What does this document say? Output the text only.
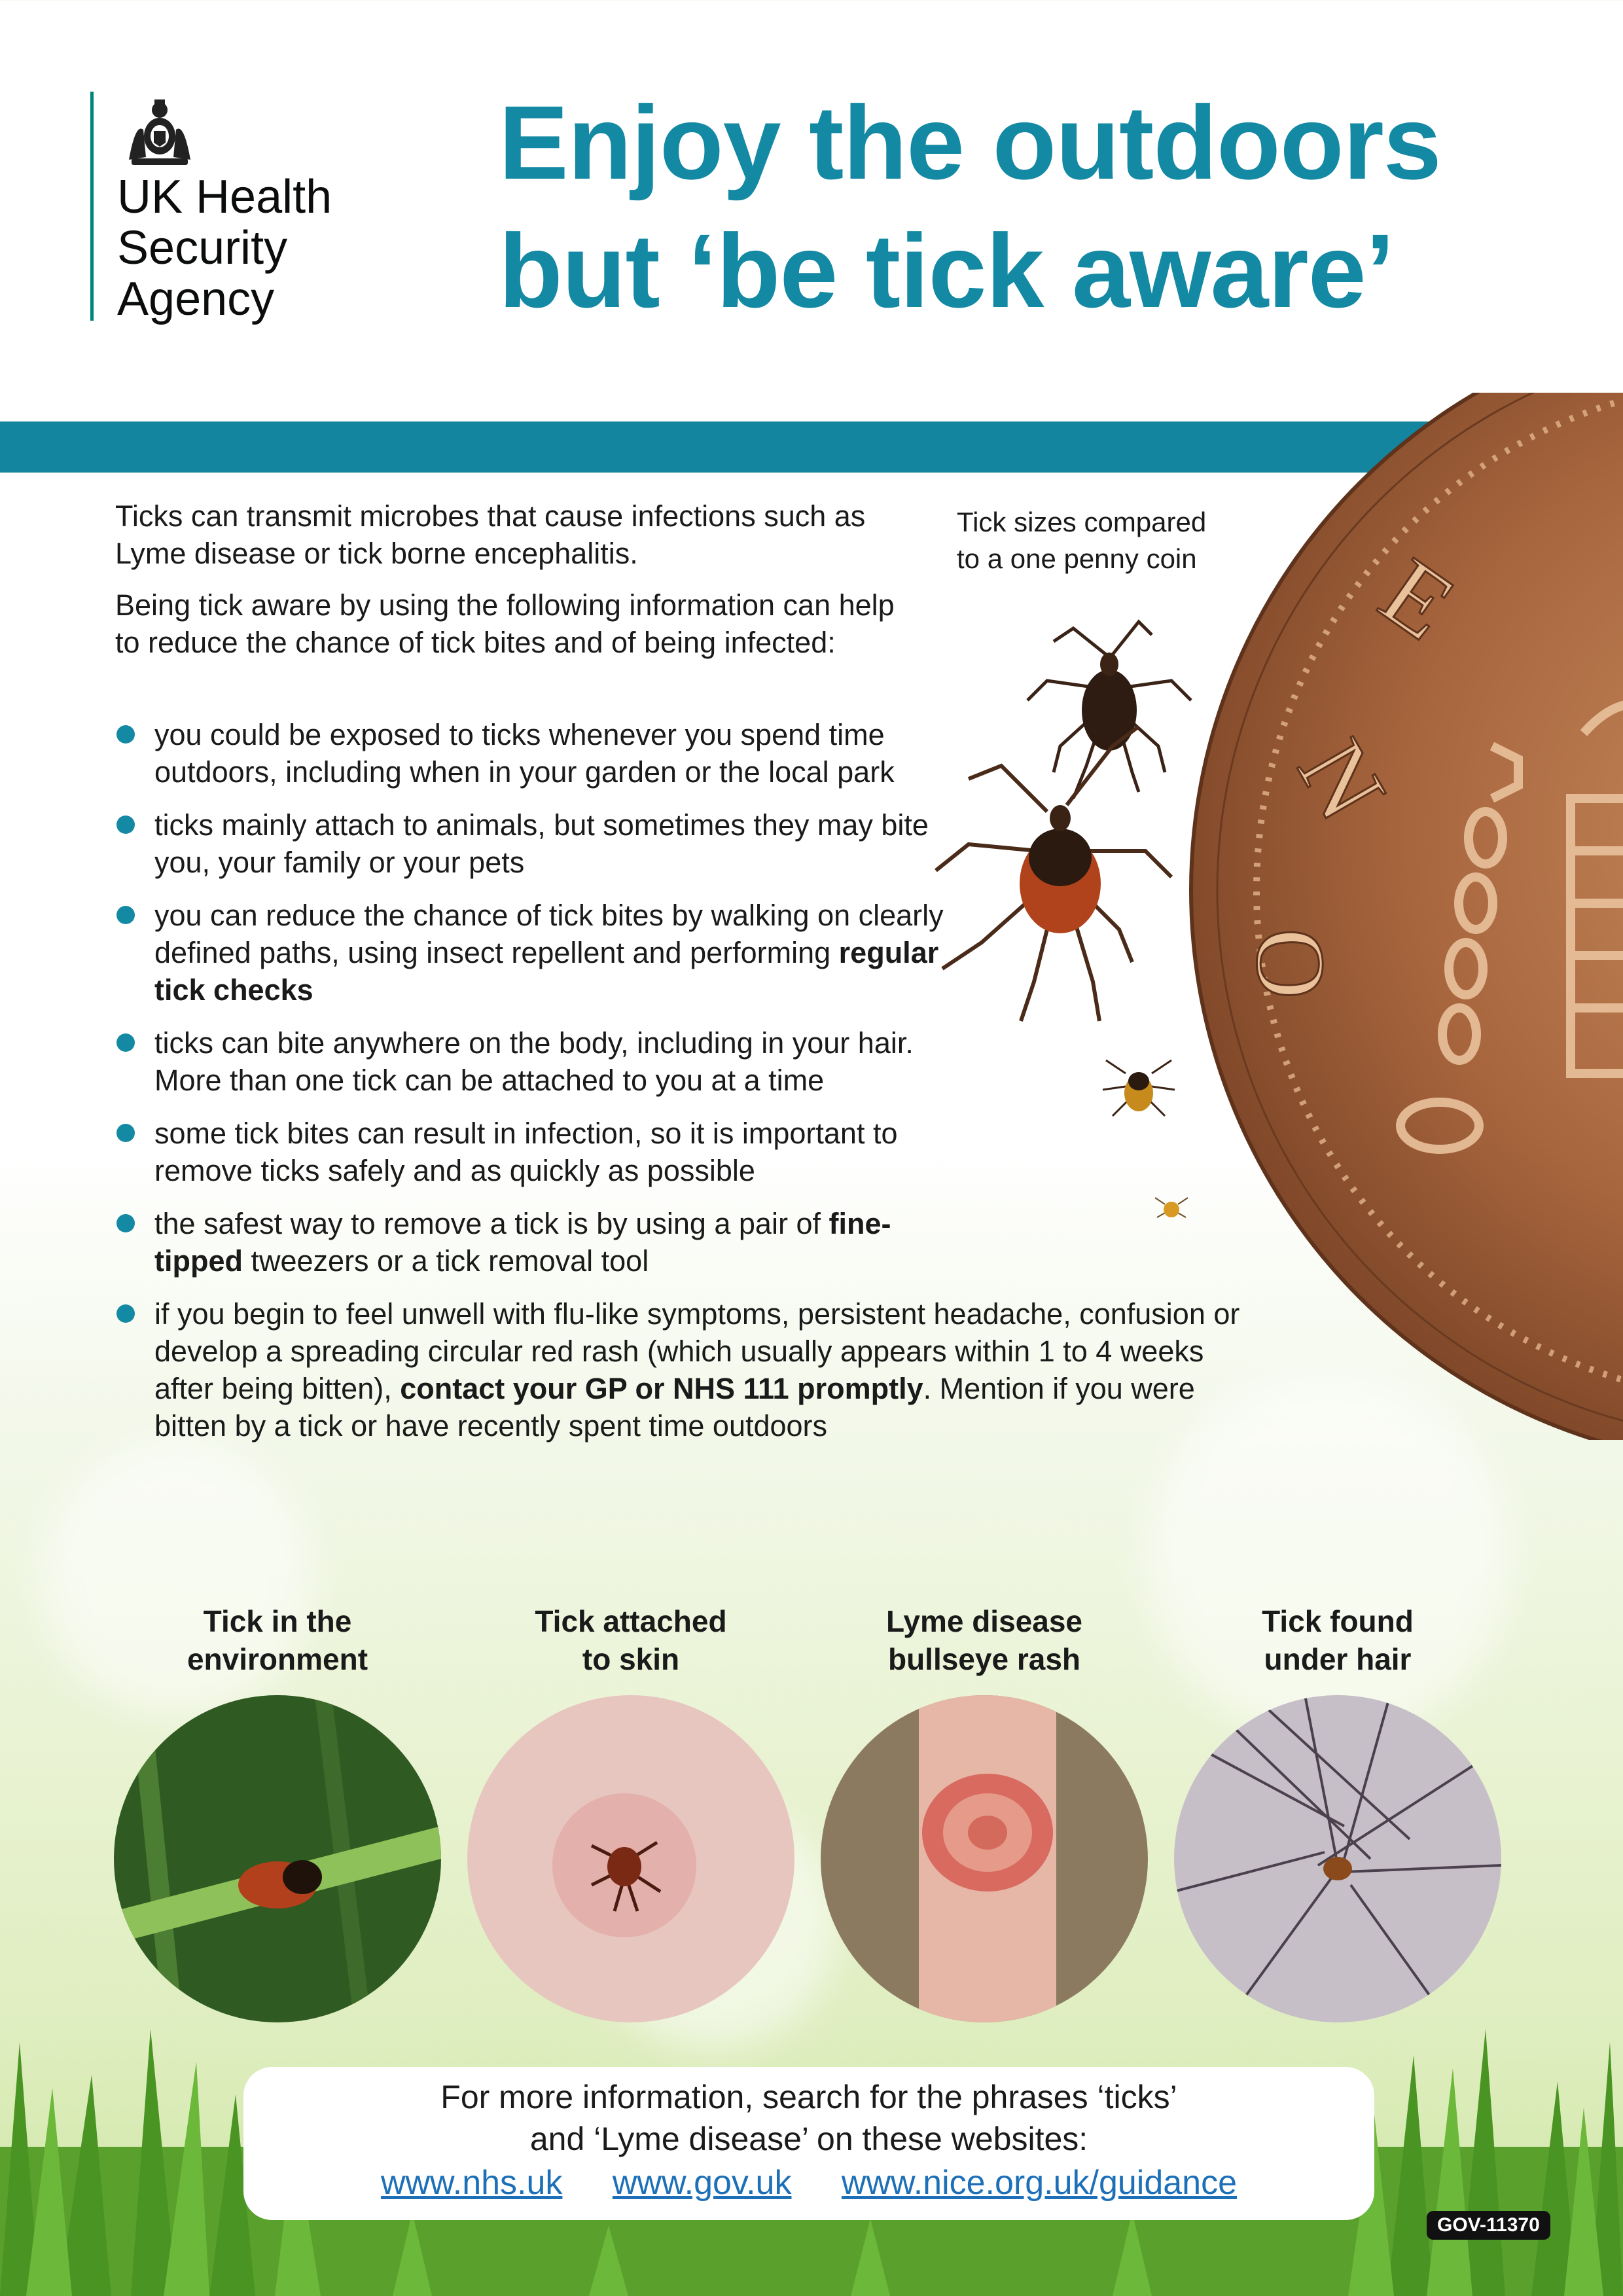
UK Health
Security
Agency
Enjoy the outdoors
but ‘be tick aware’
E
N
O
Tick sizes compared
to a one penny coin

Ticks can transmit microbes that cause infections such as Lyme disease or tick borne encephalitis.

Being tick aware by using the following information can help to reduce the chance of tick bites and of being infected:

you could be exposed to ticks whenever you spend time outdoors, including when in your garden or the local park
ticks mainly attach to animals, but sometimes they may bite you, your family or your pets
you can reduce the chance of tick bites by walking on clearly defined paths, using insect repellent and performing regular tick checks
ticks can bite anywhere on the body, including in your hair. More than one tick can be attached to you at a time
some tick bites can result in infection, so it is important to remove ticks safely and as quickly as possible
the safest way to remove a tick is by using a pair of fine-tipped tweezers or a tick removal tool
if you begin to feel unwell with flu-like symptoms, persistent headache, confusion or develop a spreading circular red rash (which usually appears within 1 to 4 weeks after being bitten), contact your GP or NHS 111 promptly. Mention if you were bitten by a tick or have recently spent time outdoors
Tick in the
environment
Tick attached
to skin
Lyme disease
bullseye rash
Tick found
under hair
For more information, search for the phrases ‘ticks’
and ‘Lyme disease’ on these websites:
www.nhs.uk www.gov.uk www.nice.org.uk/guidance
GOV-11370
